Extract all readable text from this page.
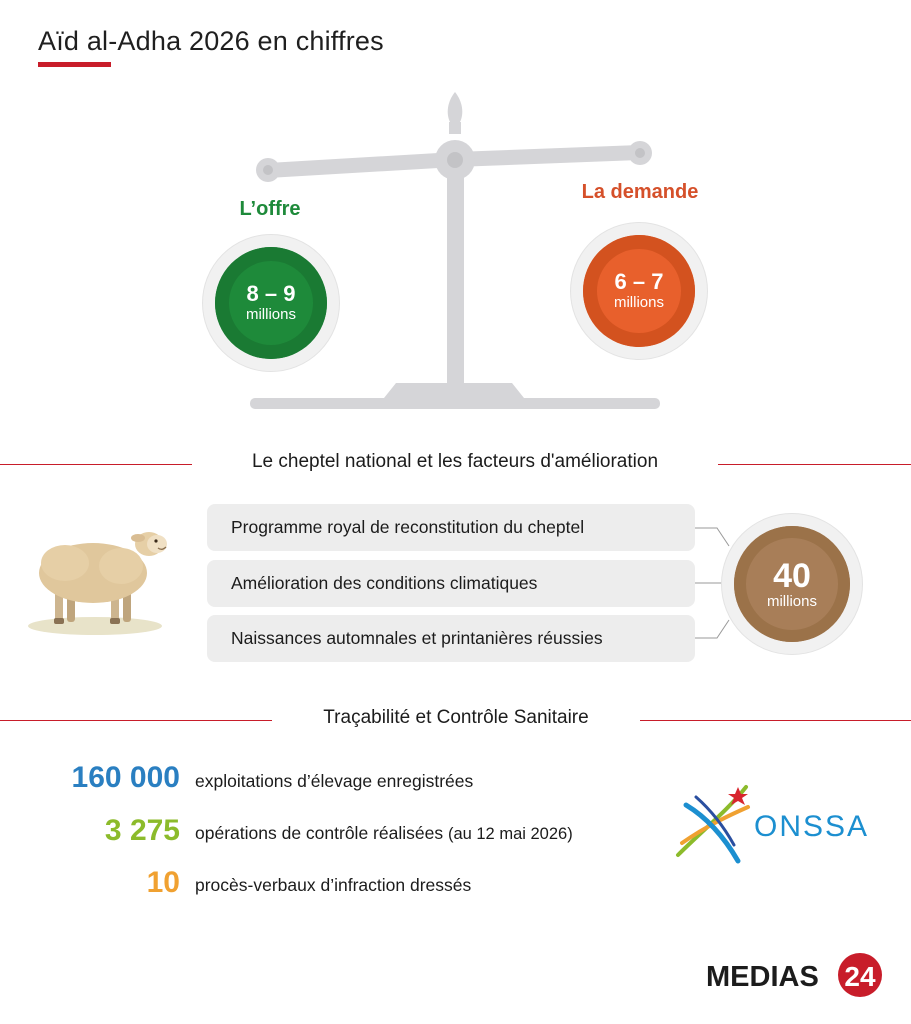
Aïd al-Adha 2026 en chiffres
L’offre
8 – 9
millions
La demande
6 – 7
millions
Le cheptel national et les facteurs d'amélioration
Programme royal de reconstitution du cheptel
Amélioration des conditions climatiques
Naissances automnales et printanières réussies
40
millions
Traçabilité et Contrôle Sanitaire
160 000 exploitations d’élevage enregistrées
3 275 opérations de contrôle réalisées (au 12 mai 2026)
10 procès-verbaux d’infraction dressés
ONSSA
MEDIAS 24
